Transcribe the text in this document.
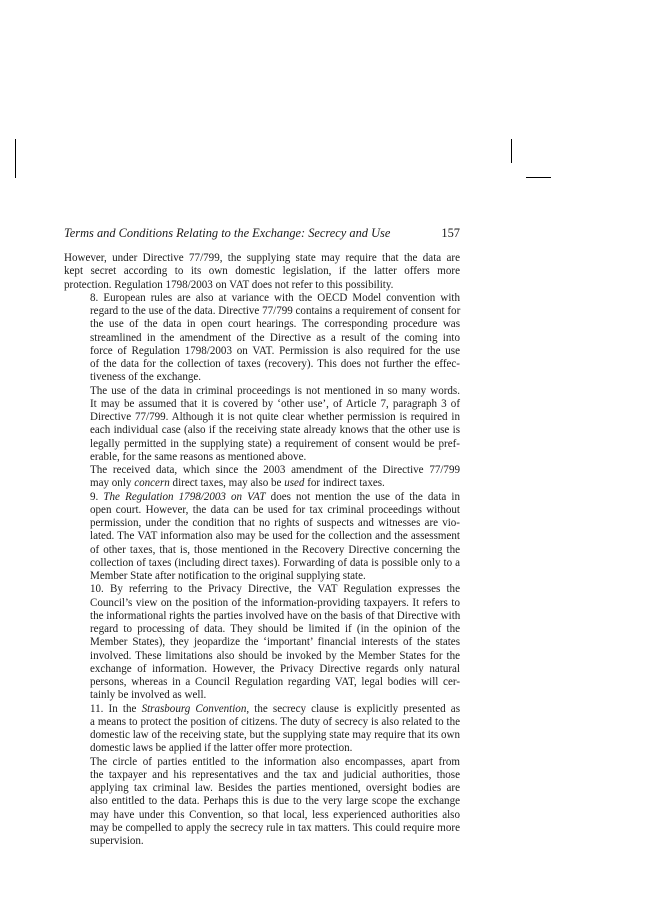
Terms and Conditions Relating to the Exchange: Secrecy and Use	157

However, under Directive 77/799, the supplying state may require that the data are
kept secret according to its own domestic legislation, if the latter offers more
protection. Regulation 1798/2003 on VAT does not refer to this possibility.

8. European rules are also at variance with the OECD Model convention with
regard to the use of the data. Directive 77/799 contains a requirement of consent for
the use of the data in open court hearings. The corresponding procedure was
streamlined in the amendment of the Directive as a result of the coming into
force of Regulation 1798/2003 on VAT. Permission is also required for the use
of the data for the collection of taxes (recovery). This does not further the effec-
tiveness of the exchange.

The use of the data in criminal proceedings is not mentioned in so many words.
It may be assumed that it is covered by ‘other use’, of Article 7, paragraph 3 of
Directive 77/799. Although it is not quite clear whether permission is required in
each individual case (also if the receiving state already knows that the other use is
legally permitted in the supplying state) a requirement of consent would be pref-
erable, for the same reasons as mentioned above.

The received data, which since the 2003 amendment of the Directive 77/799
may only concern direct taxes, may also be used for indirect taxes.

9. The Regulation 1798/2003 on VAT does not mention the use of the data in
open court. However, the data can be used for tax criminal proceedings without
permission, under the condition that no rights of suspects and witnesses are vio-
lated. The VAT information also may be used for the collection and the assessment
of other taxes, that is, those mentioned in the Recovery Directive concerning the
collection of taxes (including direct taxes). Forwarding of data is possible only to a
Member State after notification to the original supplying state.

10. By referring to the Privacy Directive, the VAT Regulation expresses the
Council’s view on the position of the information-providing taxpayers. It refers to
the informational rights the parties involved have on the basis of that Directive with
regard to processing of data. They should be limited if (in the opinion of the
Member States), they jeopardize the ‘important’ financial interests of the states
involved. These limitations also should be invoked by the Member States for the
exchange of information. However, the Privacy Directive regards only natural
persons, whereas in a Council Regulation regarding VAT, legal bodies will cer-
tainly be involved as well.

11. In the Strasbourg Convention, the secrecy clause is explicitly presented as
a means to protect the position of citizens. The duty of secrecy is also related to the
domestic law of the receiving state, but the supplying state may require that its own
domestic laws be applied if the latter offer more protection.

The circle of parties entitled to the information also encompasses, apart from
the taxpayer and his representatives and the tax and judicial authorities, those
applying tax criminal law. Besides the parties mentioned, oversight bodies are
also entitled to the data. Perhaps this is due to the very large scope the exchange
may have under this Convention, so that local, less experienced authorities also
may be compelled to apply the secrecy rule in tax matters. This could require more
supervision.
